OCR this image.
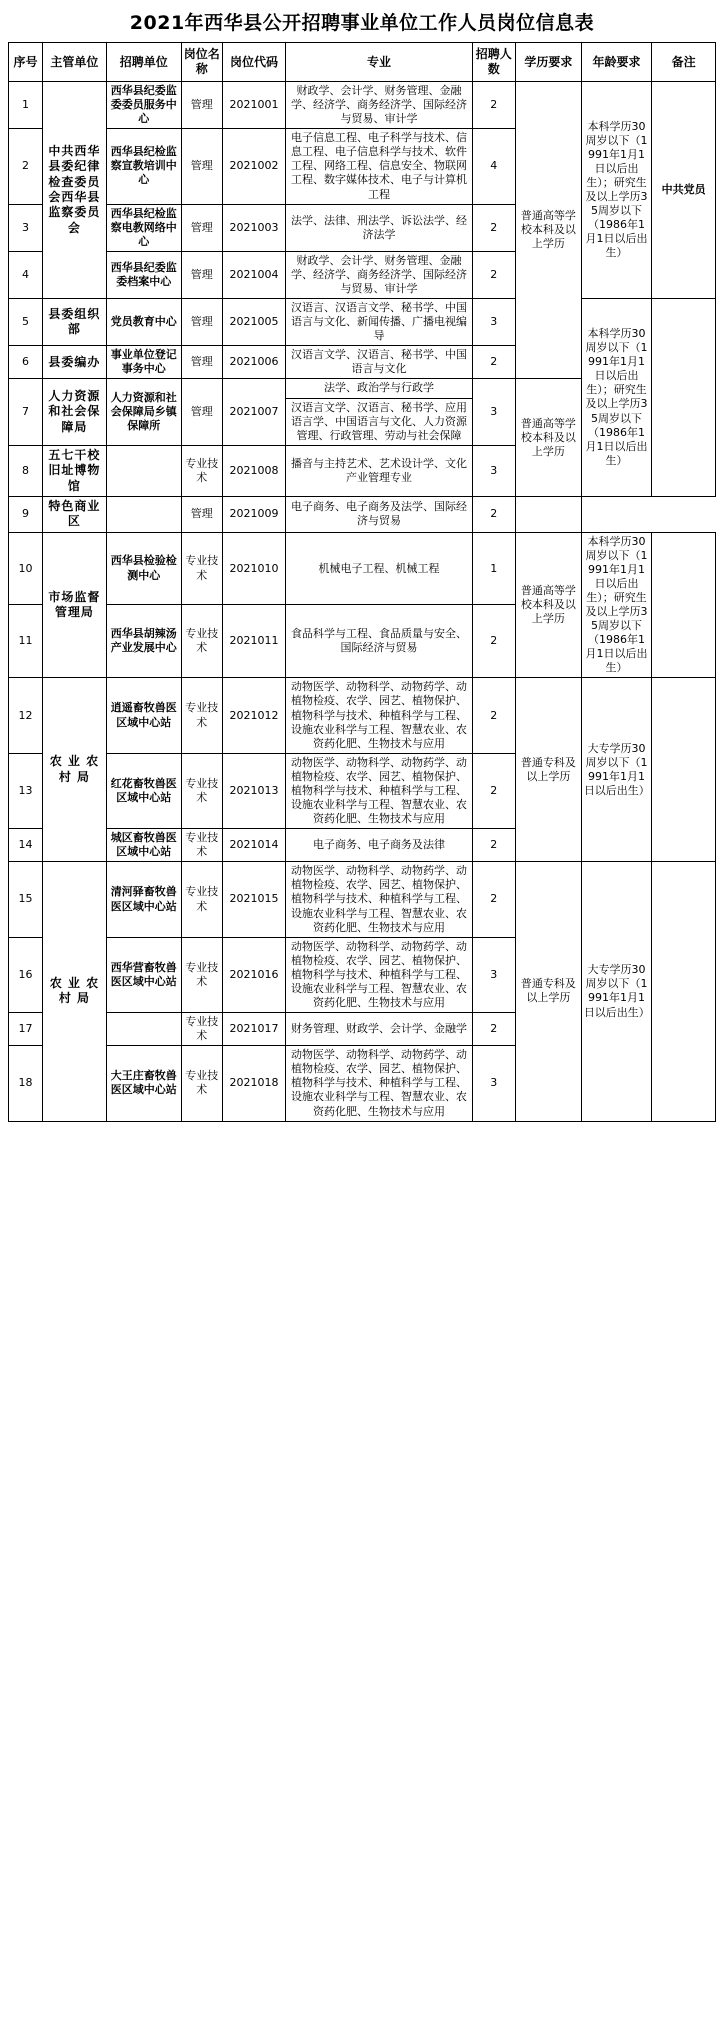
2021年西华县公开招聘事业单位工作人员岗位信息表
序号	主管单位	招聘单位	岗位名称	岗位代码	专业	招聘人数	学历要求	年龄要求	备注
1	中共西华县委纪律检查委员会西华县监察委员会	西华县纪委监委委员服务中心	管理	2021001	财政学、会计学、财务管理、金融学、经济学、商务经济学、国际经济与贸易、审计学	2	普通高等学校本科及以上学历	本科学历30周岁以下（1991年1月1日以后出生）；研究生及以上学历35周岁以下（1986年1月1日以后出生）	中共党员
2		西华县纪检监察宣教培训中心	管理	2021002	电子信息工程、电子科学与技术、信息工程、电子信息科学与技术、软件工程、网络工程、信息安全、物联网工程、数字媒体技术、电子与计算机工程	4			
3		西华县纪检监察电教网络中心	管理	2021003	法学、法律、刑法学、诉讼法学、经济法学	2			
4		西华县纪委监委档案中心	管理	2021004	财政学、会计学、财务管理、金融学、经济学、商务经济学、国际经济与贸易、审计学	2			
5	县委组织部	党员教育中心	管理	2021005	汉语言、汉语言文学、秘书学、中国语言与文化、新闻传播、广播电视编导	3		本科学历30周岁以下（1991年1月1日以后出生）；研究生及以上学历35周岁以下（1986年1月1日以后出生）	
6	县委编办	事业单位登记事务中心	管理	2021006	汉语言文学、汉语言、秘书学、中国语言与文化	2			
7	人力资源和社会保障局	人力资源和社会保障局乡镇保障所	管理	2021007	法学、政治学与行政学	3	普通高等学校本科及以上学历		
					汉语言文学、汉语言、秘书学、应用语言学、中国语言与文化、人力资源管理、行政管理、劳动与社会保障				
8	五七干校旧址博物馆		专业技术	2021008	播音与主持艺术、艺术设计学、文化产业管理专业	3			
9	特色商业区		管理	2021009	电子商务、电子商务及法学、国际经济与贸易	2			
10	市场监督管理局	西华县检验检测中心	专业技术	2021010	机械电子工程、机械工程	1	普通高等学校本科及以上学历	本科学历30周岁以下（1991年1月1日以后出生）；研究生及以上学历35周岁以下（1986年1月1日以后出生）	
11		西华县胡辣汤产业发展中心	专业技术	2021011	食品科学与工程、食品质量与安全、国际经济与贸易	2			
12	农 业 农 村 局	逍遥畜牧兽医区域中心站	专业技术	2021012	动物医学、动物科学、动物药学、动植物检疫、农学、园艺、植物保护、植物科学与技术、种植科学与工程、设施农业科学与工程、智慧农业、农资药化肥、生物技术与应用	2	普通专科及以上学历	大专学历30周岁以下（1991年1月1日以后出生）	
13		红花畜牧兽医区域中心站	专业技术	2021013	动物医学、动物科学、动物药学、动植物检疫、农学、园艺、植物保护、植物科学与技术、种植科学与工程、设施农业科学与工程、智慧农业、农资药化肥、生物技术与应用	2			
14		城区畜牧兽医区域中心站	专业技术	2021014	电子商务、电子商务及法律	2			
15	农 业 农 村 局	清河驿畜牧兽医区域中心站	专业技术	2021015	动物医学、动物科学、动物药学、动植物检疫、农学、园艺、植物保护、植物科学与技术、种植科学与工程、设施农业科学与工程、智慧农业、农资药化肥、生物技术与应用	2	普通专科及以上学历	大专学历30周岁以下（1991年1月1日以后出生）	
16		西华营畜牧兽医区域中心站	专业技术	2021016	动物医学、动物科学、动物药学、动植物检疫、农学、园艺、植物保护、植物科学与技术、种植科学与工程、设施农业科学与工程、智慧农业、农资药化肥、生物技术与应用	3			
17			专业技术	2021017	财务管理、财政学、会计学、金融学	2			
18		大王庄畜牧兽医区域中心站	专业技术	2021018	动物医学、动物科学、动物药学、动植物检疫、农学、园艺、植物保护、植物科学与技术、种植科学与工程、设施农业科学与工程、智慧农业、农资药化肥、生物技术与应用	3			
